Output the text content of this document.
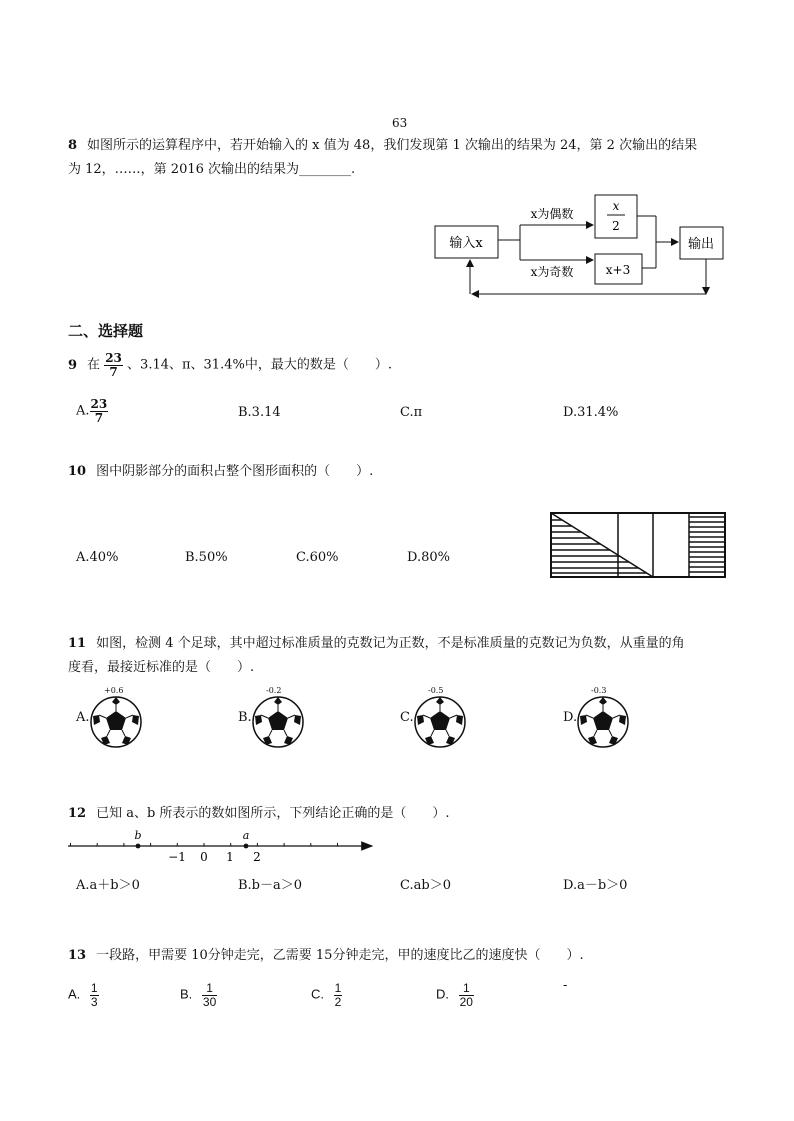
63
8 如图所示的运算程序中，若开始输入的 x 值为 48，我们发现第 1 次输出的结果为 24，第 2 次输出的结果
为 12，……，第 2016 次输出的结果为________.
输入x
x为偶数
x为奇数
x
2
x+3
输出
二、选择题
9 在 $\frac{23}{7}$ 、3.14、π、31.4%中，最大的数是（　　）.
A. $\frac{23}{7}$	B.3.14	C.π	D.31.4%
10 图中阴影部分的面积占整个图形面积的（　　）.
A.40%	B.50%	C.60%	D.80%
11 如图，检测 4 个足球，其中超过标准质量的克数记为正数，不是标准质量的克数记为负数，从重量的角
度看，最接近标准的是（　　）.
A.
+0.6
B.
-0.2
C.
-0.5
D.
-0.3
12 已知 a、b 所表示的数如图所示，下列结论正确的是（　　）.
b	a
−1 0 1 2
A.a＋b＞0	B.b－a＞0	C.ab＞0	D.a－b＞0
13 一段路，甲需要 10分钟走完，乙需要 15分钟走完，甲的速度比乙的速度快（　　）.
A. $\frac{1}{3}$	B. $\frac{1}{30}$	C. $\frac{1}{2}$	D. $\frac{1}{20}$	-
